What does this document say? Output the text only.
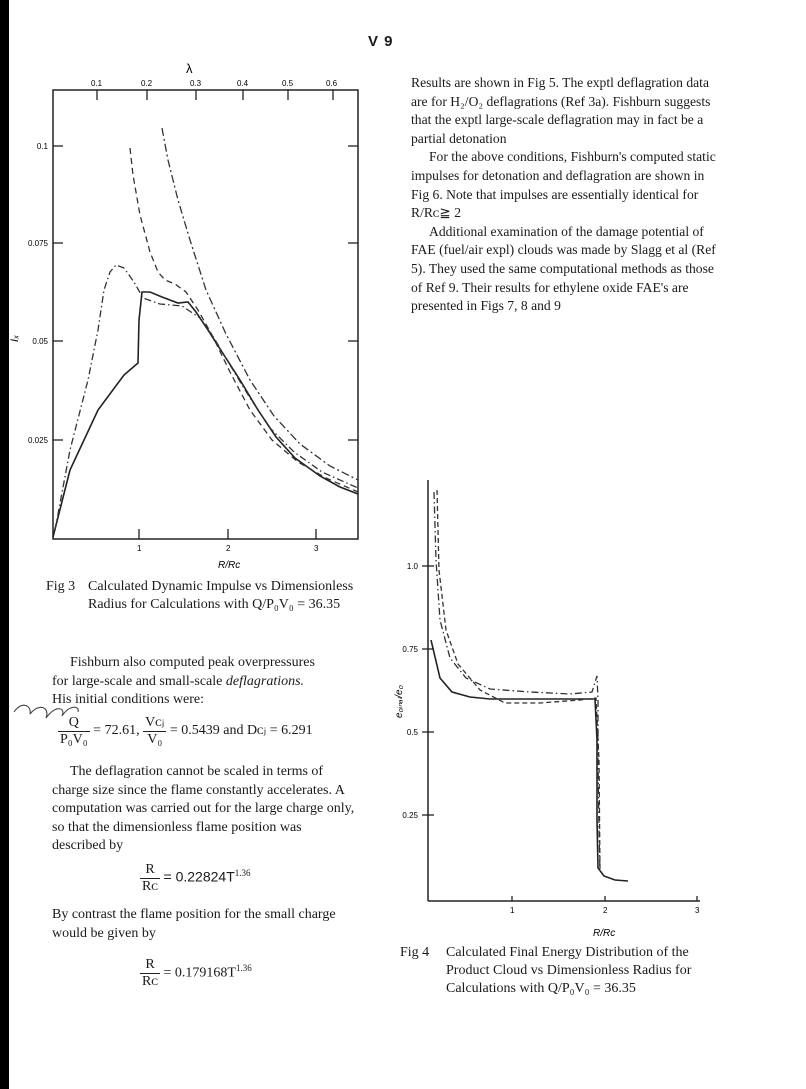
V 9
λ
0.1	0.2	0.3	0.4	0.5	0.6
0.1
0.075
0.05
0.025
Iₓ
1	2	3
R/Rᴄ	1.0
0.75
0.5
0.25
e₀ᵢₙₐₗ/e₀
1	2	3
R/Rᴄ
Fig 3 Calculated Dynamic Impulse vs Dimensionless
Radius for Calculations with Q/P₀V₀ = 36.35

Fishburn also computed peak overpressures

for large-scale and small-scale deflagrations.

His initial conditions were:

$\frac{Q}{\text{P₀V₀}} = 72.61$, $\frac{\text{Vᴄⱼ}}{\text{V₀}} = 0.5439$ and Dᴄⱼ = 6.291
The deflagration cannot be scaled in terms of charge size since the flame constantly accelerates. A computation was carried out for the large charge only, so that the dimensionless flame position was described by
$\frac{R}{\text{Rᴄ}} = 0.22824T^{1.36}$
By contrast the flame position for the small charge would be given by
$\frac{R}{\text{Rᴄ}} = 0.179168T^{1.36}$

Results are shown in Fig 5. The exptl deflagration data are for H₂/O₂ deflagrations (Ref 3a). Fishburn suggests that the exptl large-scale deflagration may in fact be a partial detonation

For the above conditions, Fishburn's computed static impulses for detonation and deflagration are shown in Fig 6. Note that impulses are essentially identical for R/Rᴄ≧ 2

Additional examination of the damage potential of FAE (fuel/air expl) clouds was made by Slagg et al (Ref 5). They used the same computational methods as those of Ref 9. Their results for ethylene oxide FAE's are presented in Figs 7, 8 and 9

Fig 4 Calculated Final Energy Distribution of the
Product Cloud vs Dimensionless Radius for
Calculations with Q/P₀V₀ = 36.35
